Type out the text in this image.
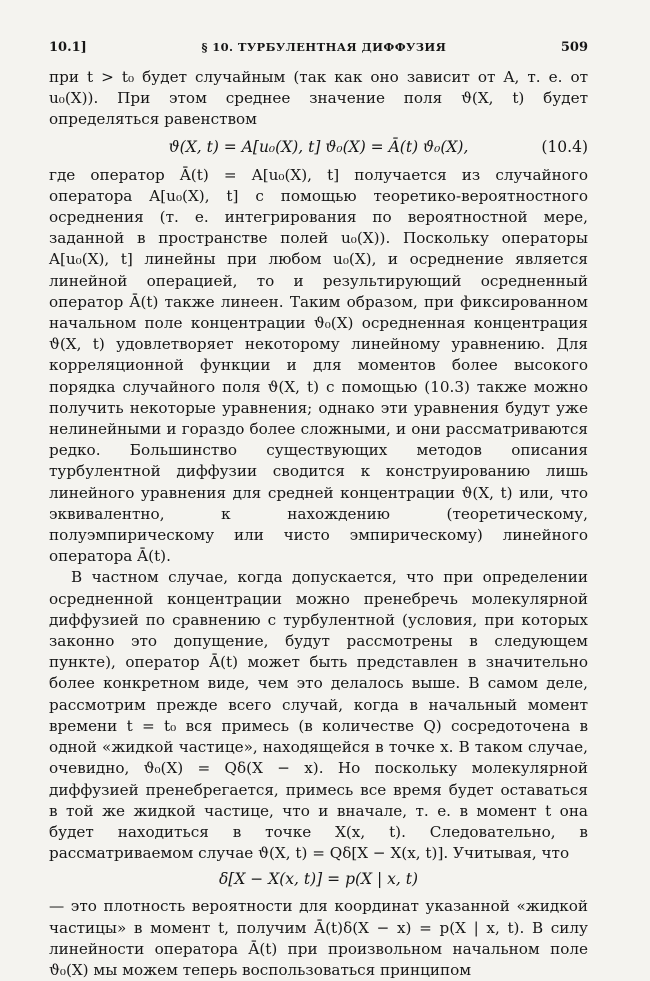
10.1]	§ 10. ТУРБУЛЕНТНАЯ ДИФФУЗИЯ	509

при t > t₀ будет случайным (так как оно зависит от A, т. е. от u₀(X)). При этом среднее значение поля ϑ(X, t) будет определяться равенством

ϑ(X, t) = A[u₀(X), t] ϑ₀(X) = Ā(t) ϑ₀(X),	(10.4)

где оператор Ā(t) = A[u₀(X), t] получается из случайного оператора A[u₀(X), t] с помощью теоретико-вероятностного осреднения (т. е. интегрирования по вероятностной мере, заданной в пространстве полей u₀(X)). Поскольку операторы A[u₀(X), t] линейны при любом u₀(X), и осреднение является линейной операцией, то и результирующий осредненный оператор Ā(t) также линеен. Таким образом, при фиксированном начальном поле концентрации ϑ₀(X) осредненная концентрация ϑ(X, t) удовлетворяет некоторому линейному уравнению. Для корреляционной функции и для моментов более высокого порядка случайного поля ϑ(X, t) с помощью (10.3) также можно получить некоторые уравнения; однако эти уравнения будут уже нелинейными и гораздо более сложными, и они рассматриваются редко. Большинство существующих методов описания турбулентной диффузии сводится к конструированию лишь линейного уравнения для средней концентрации ϑ(X, t) или, что эквивалентно, к нахождению (теоретическому, полуэмпирическому или чисто эмпирическому) линейного оператора Ā(t).

В частном случае, когда допускается, что при определении осредненной концентрации можно пренебречь молекулярной диффузией по сравнению с турбулентной (условия, при которых законно это допущение, будут рассмотрены в следующем пункте), оператор Ā(t) может быть представлен в значительно более конкретном виде, чем это делалось выше. В самом деле, рассмотрим прежде всего случай, когда в начальный момент времени t = t₀ вся примесь (в количестве Q) сосредоточена в одной «жидкой частице», находящейся в точке x. В таком случае, очевидно, ϑ₀(X) = Qδ(X − x). Но поскольку молекулярной диффузией пренебрегается, примесь все время будет оставаться в той же жидкой частице, что и вначале, т. е. в момент t она будет находиться в точке X(x, t). Следовательно, в рассматриваемом случае ϑ(X, t) = Qδ[X − X(x, t)]. Учитывая, что

δ[X − X(x, t)] = p(X | x, t)

— это плотность вероятности для координат указанной «жидкой частицы» в момент t, получим Ā(t)δ(X − x) = p(X | x, t). В силу линейности оператора Ā(t) при произвольном начальном поле ϑ₀(X) мы можем теперь воспользоваться принципом
